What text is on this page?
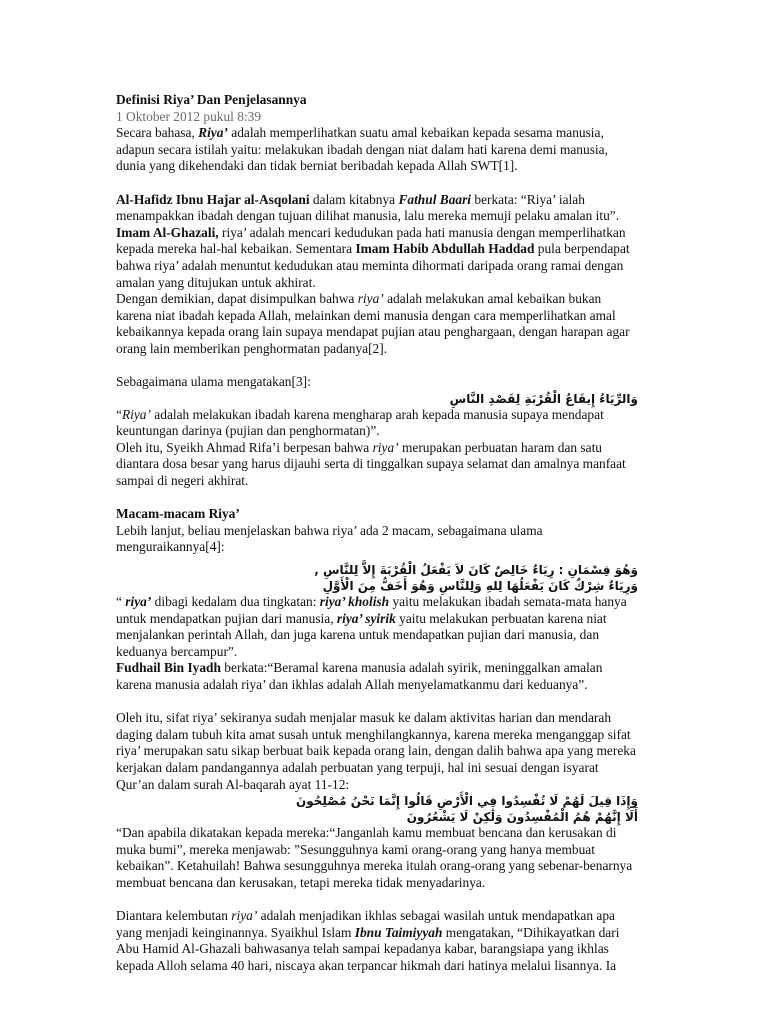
Definisi Riya’ Dan Penjelasannya
1 Oktober 2012 pukul 8:39

Secara bahasa, Riya’ adalah memperlihatkan suatu amal kebaikan kepada sesama manusia, adapun secara istilah yaitu: melakukan ibadah dengan niat dalam hati karena demi manusia, dunia yang dikehendaki dan tidak berniat beribadah kepada Allah SWT[1].

Al-Hafidz Ibnu Hajar al-Asqolani dalam kitabnya Fathul Baari berkata: “Riya’ ialah menampakkan ibadah dengan tujuan dilihat manusia, lalu mereka memuji pelaku amalan itu”. Imam Al-Ghazali, riya’ adalah mencari kedudukan pada hati manusia dengan memperlihatkan kepada mereka hal-hal kebaikan. Sementara Imam Habib Abdullah Haddad pula berpendapat bahwa riya’ adalah menuntut kedudukan atau meminta dihormati daripada orang ramai dengan amalan yang ditujukan untuk akhirat.

Dengan demikian, dapat disimpulkan bahwa riya’ adalah melakukan amal kebaikan bukan karena niat ibadah kepada Allah, melainkan demi manusia dengan cara memperlihatkan amal kebaikannya kepada orang lain supaya mendapat pujian atau penghargaan, dengan harapan agar orang lain memberikan penghormatan padanya[2].

Sebagaimana ulama mengatakan[3]:

وَالرِّيَاءُ إِيقَاعُ الْقُرْبَةِ لِقَصْدِ النَّاسِ

“Riya’ adalah melakukan ibadah karena mengharap arah kepada manusia supaya mendapat keuntungan darinya (pujian dan penghormatan)”.

Oleh itu, Syeikh Ahmad Rifa’i berpesan bahwa riya’ merupakan perbuatan haram dan satu diantara dosa besar yang harus dijauhi serta di tinggalkan supaya selamat dan amalnya manfaat sampai di negeri akhirat.

Macam-macam Riya’

Lebih lanjut, beliau menjelaskan bahwa riya’ ada 2 macam, sebagaimana ulama menguraikannya[4]:

وَهُوَ قِسْمَانِ : رِيَاءٌ خَالِصٌ كَانَ لاَ يَفْعَلُ الْقُرْبَةَ إِلاَّ لِلنَّاسِ ,
وَرِيَاءٌ شِرْكٌ كَانَ يَفْعَلُهَا لِلهِ وَلِلنَّاسِ وَهُوَ أَخَفُّ مِنَ الْأَوَّلِ

“ riya’ dibagi kedalam dua tingkatan: riya’ kholish yaitu melakukan ibadah semata-mata hanya untuk mendapatkan pujian dari manusia, riya’ syirik yaitu melakukan perbuatan karena niat menjalankan perintah Allah, dan juga karena untuk mendapatkan pujian dari manusia, dan keduanya bercampur”.

Fudhail Bin Iyadh berkata:“Beramal karena manusia adalah syirik, meninggalkan amalan karena manusia adalah riya’ dan ikhlas adalah Allah menyelamatkanmu dari keduanya”.

Oleh itu, sifat riya’ sekiranya sudah menjalar masuk ke dalam aktivitas harian dan mendarah daging dalam tubuh kita amat susah untuk menghilangkannya, karena mereka menganggap sifat riya’ merupakan satu sikap berbuat baik kepada orang lain, dengan dalih bahwa apa yang mereka kerjakan dalam pandangannya adalah perbuatan yang terpuji, hal ini sesuai dengan isyarat Qur’an dalam surah Al-baqarah ayat 11-12:

وَإِذَا قِيلَ لَهُمْ لَا تُفْسِدُوا فِي الْأَرْضِ قَالُوا إِنَّمَا نَحْنُ مُصْلِحُونَ
أَلَا إِنَّهُمْ هُمُ الْمُفْسِدُونَ وَلَٰكِنْ لَا يَشْعُرُونَ

“Dan apabila dikatakan kepada mereka:“Janganlah kamu membuat bencana dan kerusakan di muka bumi”, mereka menjawab: ”Sesungguhnya kami orang-orang yang hanya membuat kebaikan”. Ketahuilah! Bahwa sesungguhnya mereka itulah orang-orang yang sebenar-benarnya membuat bencana dan kerusakan, tetapi mereka tidak menyadarinya.

Diantara kelembutan riya’ adalah menjadikan ikhlas sebagai wasilah untuk mendapatkan apa yang menjadi keinginannya. Syaikhul Islam Ibnu Taimiyyah mengatakan, “Dihikayatkan dari Abu Hamid Al-Ghazali bahwasanya telah sampai kepadanya kabar, barangsiapa yang ikhlas kepada Alloh selama 40 hari, niscaya akan terpancar hikmah dari hatinya melalui lisannya. Ia
